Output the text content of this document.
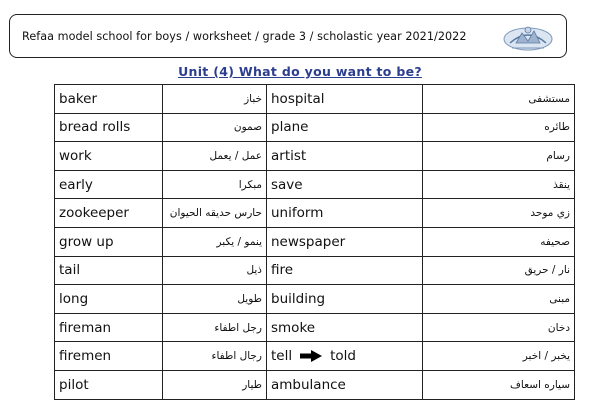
Refaa model school for boys / worksheet / grade 3 / scholastic year 2021/2022
Unit (4) What do you want to be?
baker	خباز	hospital	مستشفى
bread rolls	صمون	plane	طائره
work	عمل / يعمل	artist	رسام
early	مبكرا	save	ينقذ
zookeeper	حارس حديقه الحيوان	uniform	زي موحد
grow up	ينمو / يكبر	newspaper	صحيفه
tail	ذيل	fire	نار / حريق
long	طويل	building	مبنى
fireman	رجل اطفاء	smoke	دخان
firemen	رجال اطفاء	tell told	يخبر / اخبر
pilot	طيار	ambulance	سياره اسعاف
